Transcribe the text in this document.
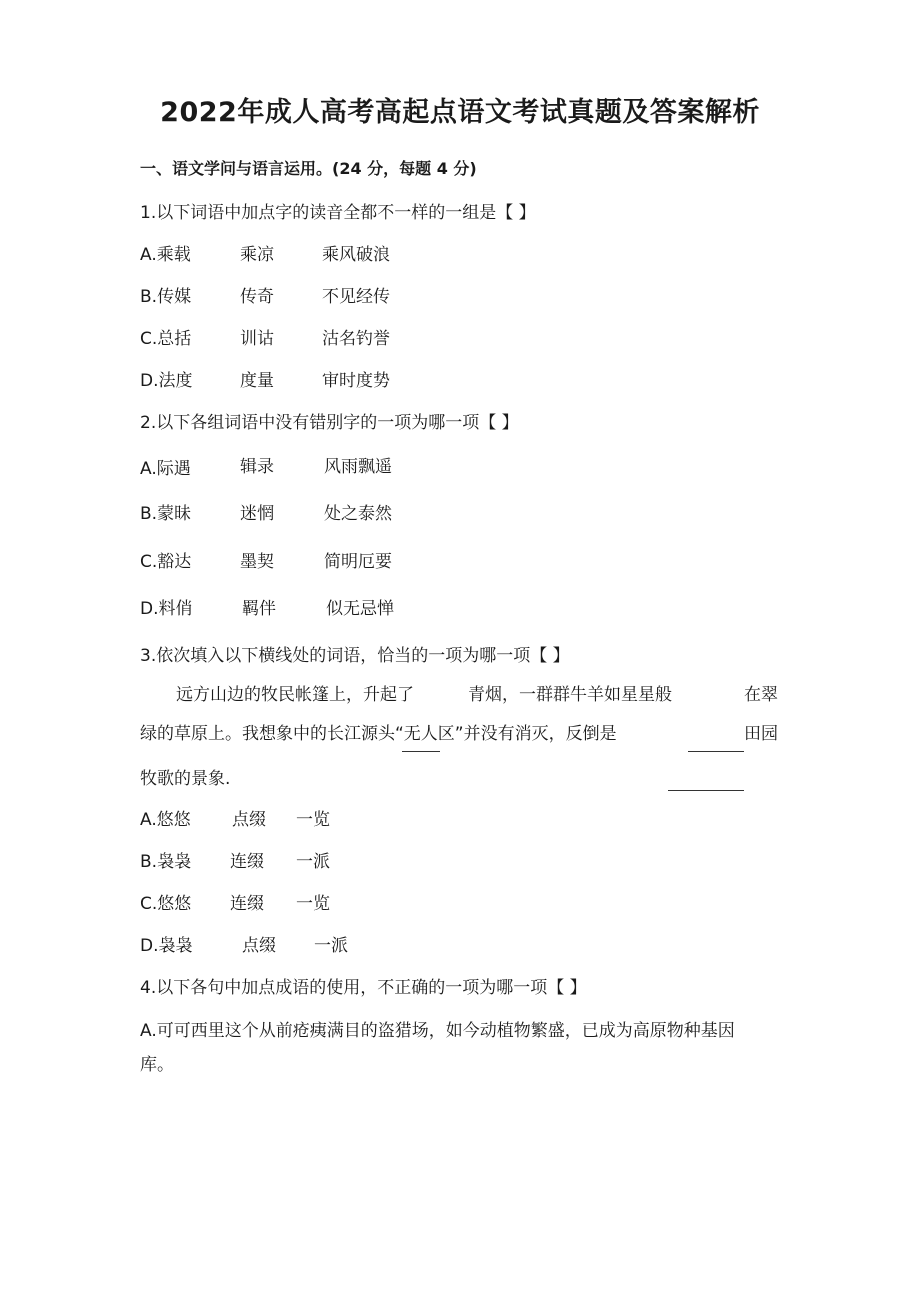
2022年成人高考高起点语文考试真题及答案解析
一、语文学问与语言运用。(24 分，每题 4 分)
1.以下词语中加点字的读音全都不一样的一组是【 】
A.乘载	乘凉	乘风破浪
B.传媒	传奇	不见经传
C.总括	训诂	沽名钓誉
D.法度	度量	审时度势
2.以下各组词语中没有错别字的一项为哪一项【 】
A.际遇	辑录	风雨飘遥
B.蒙昧	迷惘	处之泰然
C.豁达	墨契	简明厄要
D.料俏	羁伴	似无忌惮
3.依次填入以下横线处的词语，恰当的一项为哪一项【 】
远方山边的牧民帐篷上，升起了	青烟，一群群牛羊如星星般	在翠
绿的草原上。我想象中的长江源头“无人区”并没有消灭，反倒是	田园
牧歌的景象.
A.悠悠 点缀 一览
B.袅袅 连缀 一派
C.悠悠 连缀 一览
D.袅袅	点缀 一派
4.以下各句中加点成语的使用，不正确的一项为哪一项【 】
A.可可西里这个从前疮痍满目的盗猎场，如今动植物繁盛，已成为高原物种基因
库。
